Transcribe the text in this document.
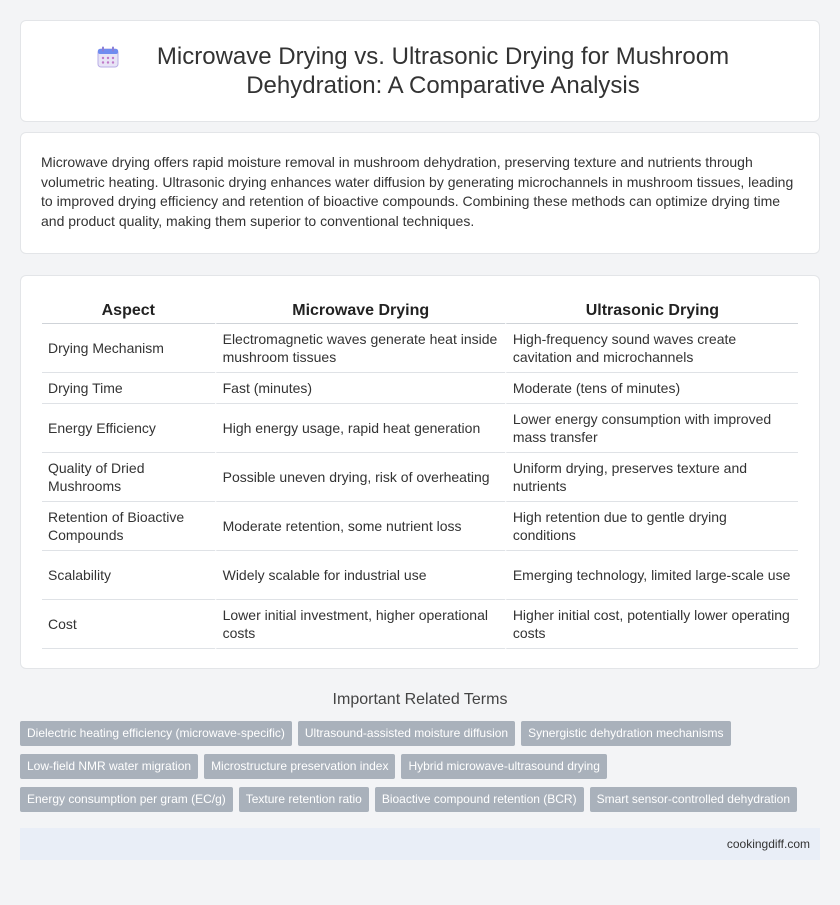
Microwave Drying vs. Ultrasonic Drying for Mushroom Dehydration: A Comparative Analysis

Microwave drying offers rapid moisture removal in mushroom dehydration, preserving texture and nutrients through volumetric heating. Ultrasonic drying enhances water diffusion by generating microchannels in mushroom tissues, leading to improved drying efficiency and retention of bioactive compounds. Combining these methods can optimize drying time and product quality, making them superior to conventional techniques.

Aspect	Microwave Drying	Ultrasonic Drying
Drying Mechanism	Electromagnetic waves generate heat inside mushroom tissues	High-frequency sound waves create cavitation and microchannels
Drying Time	Fast (minutes)	Moderate (tens of minutes)
Energy Efficiency	High energy usage, rapid heat generation	Lower energy consumption with improved mass transfer
Quality of Dried Mushrooms	Possible uneven drying, risk of overheating	Uniform drying, preserves texture and nutrients
Retention of Bioactive Compounds	Moderate retention, some nutrient loss	High retention due to gentle drying conditions
Scalability	Widely scalable for industrial use	Emerging technology, limited large-scale use
Cost	Lower initial investment, higher operational costs	Higher initial cost, potentially lower operating costs
Important Related Terms
Dielectric heating efficiency (microwave-specific)	Ultrasound-assisted moisture diffusion	Synergistic dehydration mechanisms
Low-field NMR water migration	Microstructure preservation index	Hybrid microwave-ultrasound drying
Energy consumption per gram (EC/g)	Texture retention ratio	Bioactive compound retention (BCR)	Smart sensor-controlled dehydration
cookingdiff.com
